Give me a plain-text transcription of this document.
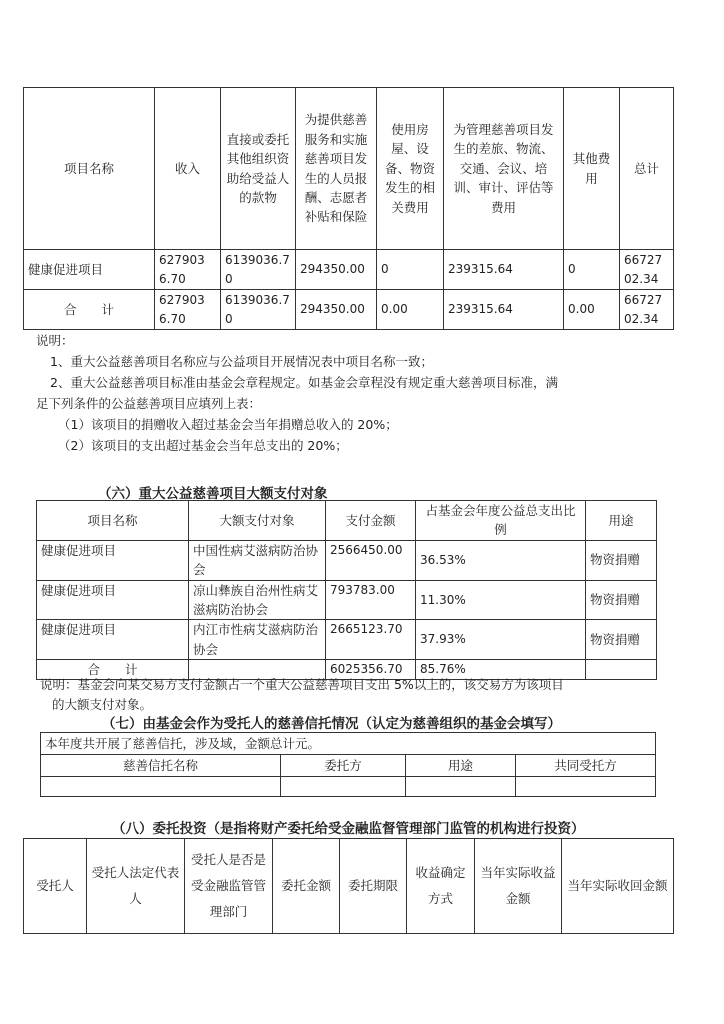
项目名称	收入	直接或委托其他组织资助给受益人的款物	为提供慈善服务和实施慈善项目发生的人员报酬、志愿者补贴和保险	使用房屋、设备、物资发生的相关费用	为管理慈善项目发生的差旅、物流、交通、会议、培训、审计、评估等费用	其他费用	总计
健康促进项目	6279036.70	6139036.70	294350.00	0	239315.64	0	6672702.34
合　　计	6279036.70	6139036.70	294350.00	0.00	239315.64	0.00	6672702.34
说明：
1、重大公益慈善项目名称应与公益项目开展情况表中项目名称一致；
2、重大公益慈善项目标准由基金会章程规定。如基金会章程没有规定重大慈善项目标准，满
足下列条件的公益慈善项目应填列上表：
（1）该项目的捐赠收入超过基金会当年捐赠总收入的 20%；
（2）该项目的支出超过基金会当年总支出的 20%；
（六）重大公益慈善项目大额支付对象
项目名称	大额支付对象	支付金额	占基金会年度公益总支出比例	用途
健康促进项目	中国性病艾滋病防治协会	2566450.00	36.53%	物资捐赠
健康促进项目	凉山彝族自治州性病艾滋病防治协会	793783.00	11.30%	物资捐赠
健康促进项目	内江市性病艾滋病防治协会	2665123.70	37.93%	物资捐赠
合　　计		6025356.70	85.76%	
说明：基金会向某交易方支付金额占一个重大公益慈善项目支出 5%以上的，该交易方为该项目
的大额支付对象。
（七）由基金会作为受托人的慈善信托情况（认定为慈善组织的基金会填写）
本年度共开展了慈善信托，涉及域，金额总计元。			
慈善信托名称	委托方	用途	共同受托方

（八）委托投资（是指将财产委托给受金融监督管理部门监管的机构进行投资）
受托人	受托人法定代表人	受托人是否是受金融监管管理部门	委托金额	委托期限	收益确定方式	当年实际收益金额	当年实际收回金额
